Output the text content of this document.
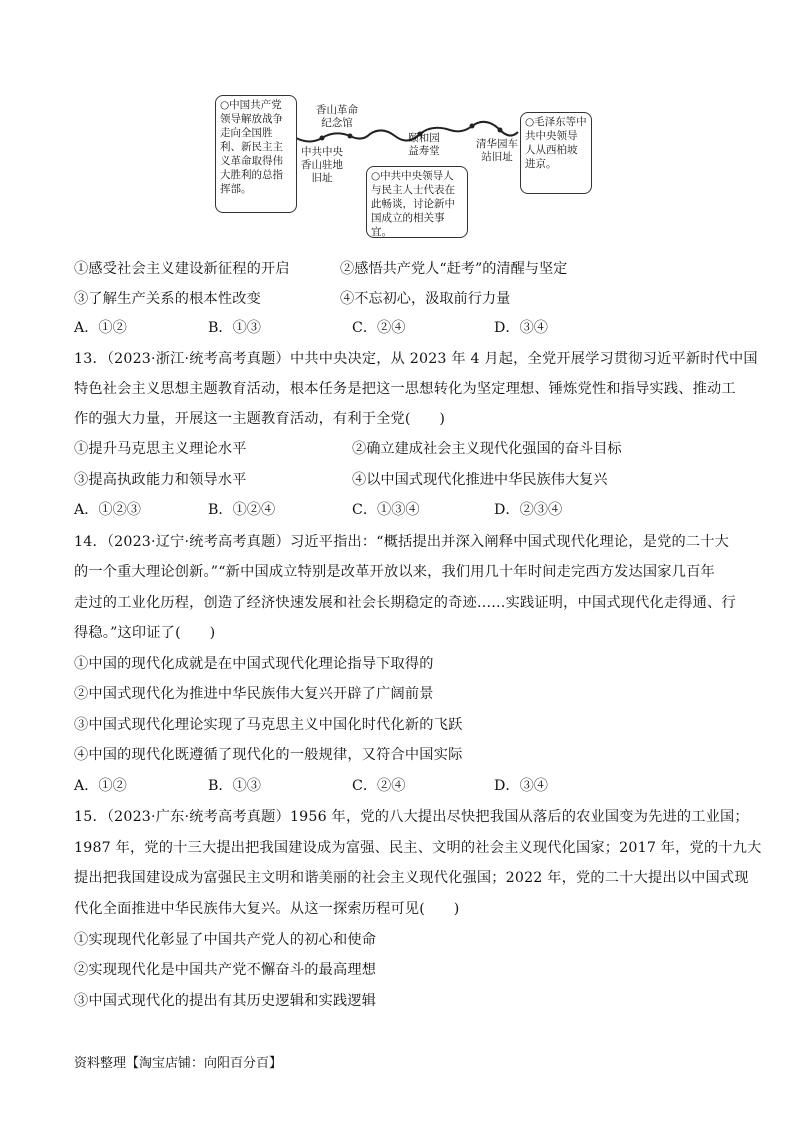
○中国共产党领导解放战争走向全国胜利、新民主主义革命取得伟大胜利的总指挥部。
○中共中央领导人与民主人士代表在此畅谈，讨论新中国成立的相关事宜。
○毛泽东等中共中央领导人从西柏坡进京。
中共中央香山驻地旧址
香山革命纪念馆
颐和园益寿堂
清华园车站旧址
①感受社会主义建设新征程的开启	②感悟共产党人“赶考”的清醒与坚定
③了解生产关系的根本性改变	④不忘初心，汲取前行力量
A．①②	B．①③	C．②④	D．③④
13．（2023·浙江·统考高考真题）中共中央决定，从 2023 年 4 月起，全党开展学习贯彻习近平新时代中国
特色社会主义思想主题教育活动，根本任务是把这一思想转化为坚定理想、锤炼党性和指导实践、推动工
作的强大力量，开展这一主题教育活动，有利于全党(　　)
①提升马克思主义理论水平	②确立建成社会主义现代化强国的奋斗目标
③提高执政能力和领导水平	④以中国式现代化推进中华民族伟大复兴
A．①②③	B．①②④	C．①③④	D．②③④
14．（2023·辽宁·统考高考真题）习近平指出：“概括提出并深入阐释中国式现代化理论，是党的二十大
的一个重大理论创新。”“新中国成立特别是改革开放以来，我们用几十年时间走完西方发达国家几百年
走过的工业化历程，创造了经济快速发展和社会长期稳定的奇迹……实践证明，中国式现代化走得通、行
得稳。”这印证了(　　)
①中国的现代化成就是在中国式现代化理论指导下取得的
②中国式现代化为推进中华民族伟大复兴开辟了广阔前景
③中国式现代化理论实现了马克思主义中国化时代化新的飞跃
④中国的现代化既遵循了现代化的一般规律，又符合中国实际
A．①②	B．①③	C．②④	D．③④
15．（2023·广东·统考高考真题）1956 年，党的八大提出尽快把我国从落后的农业国变为先进的工业国；
1987 年，党的十三大提出把我国建设成为富强、民主、文明的社会主义现代化国家；2017 年，党的十九大
提出把我国建设成为富强民主文明和谐美丽的社会主义现代化强国；2022 年，党的二十大提出以中国式现
代化全面推进中华民族伟大复兴。从这一探索历程可见(　　)
①实现现代化彰显了中国共产党人的初心和使命
②实现现代化是中国共产党不懈奋斗的最高理想
③中国式现代化的提出有其历史逻辑和实践逻辑
资料整理【淘宝店铺：向阳百分百】
